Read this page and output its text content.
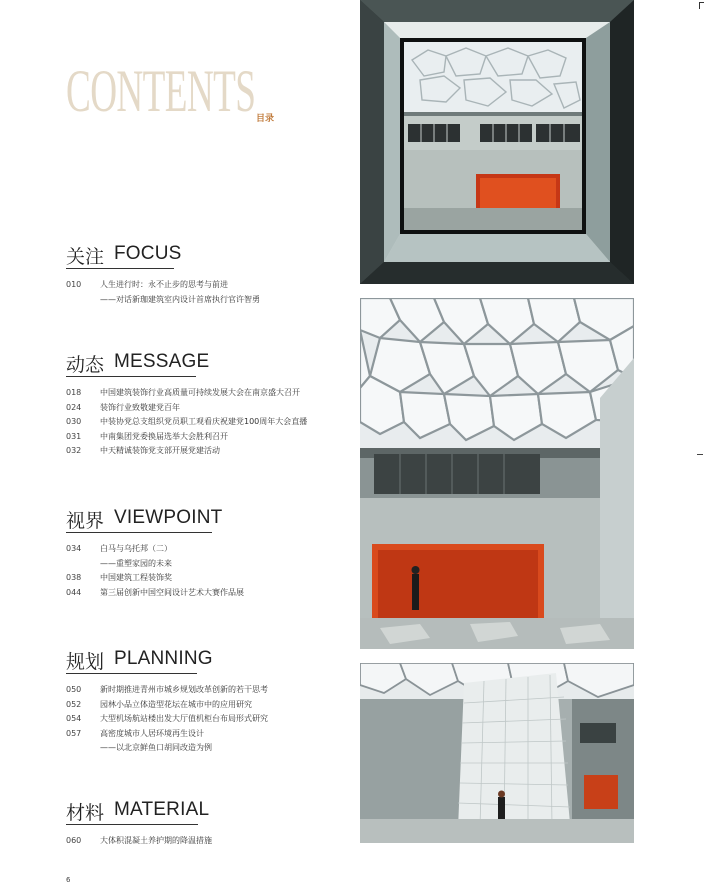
CONTENTS 目录
关注 FOCUS
010	人生进行时：永不止步的思考与前进
——对话新珈建筑室内设计首席执行官许智勇
动态 MESSAGE
018	中国建筑装饰行业高质量可持续发展大会在南京盛大召开
024	装饰行业致敬建党百年
030	中装协党总支组织党员职工观看庆祝建党100周年大会直播
031	中南集团党委换届选举大会胜利召开
032	中天精诚装饰党支部开展党建活动
视界 VIEWPOINT
034	白马与乌托邦（二）
——重塑家园的未来
038	中国建筑工程装饰奖
044	第三届创新中国空间设计艺术大赛作品展
规划 PLANNING
050	新时期推进青州市城乡规划改革创新的若干思考
052	园林小品立体造型花坛在城市中的应用研究
054	大型机场航站楼出发大厅值机柜台布局形式研究
057	高密度城市人居环境再生设计
——以北京鲜鱼口胡同改造为例
材料 MATERIAL
060	大体积混凝土养护期的降温措施
6
